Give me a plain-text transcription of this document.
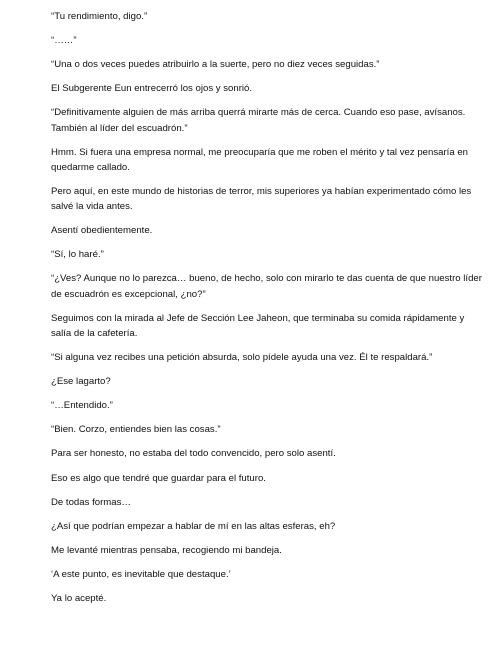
“Tu rendimiento, digo.”

“……”

“Una o dos veces puedes atribuirlo a la suerte, pero no diez veces seguidas.”

El Subgerente Eun entrecerró los ojos y sonrió.

“Definitivamente alguien de más arriba querrá mirarte más de cerca. Cuando eso pase, avísanos. También al líder del escuadrón.”

Hmm. Si fuera una empresa normal, me preocuparía que me roben el mérito y tal vez pensaría en quedarme callado.

Pero aquí, en este mundo de historias de terror, mis superiores ya habían experimentado cómo les salvé la vida antes.

Asentí obedientemente.

“Sí, lo haré.”

“¿Ves? Aunque no lo parezca… bueno, de hecho, solo con mirarlo te das cuenta de que nuestro líder de escuadrón es excepcional, ¿no?”

Seguimos con la mirada al Jefe de Sección Lee Jaheon, que terminaba su comida rápidamente y salía de la cafetería.

“Si alguna vez recibes una petición absurda, solo pídele ayuda una vez. Él te respaldará.”

¿Ese lagarto?

“…Entendido.”

“Bien. Corzo, entiendes bien las cosas.”

Para ser honesto, no estaba del todo convencido, pero solo asentí.

Eso es algo que tendré que guardar para el futuro.

De todas formas…

¿Así que podrían empezar a hablar de mí en las altas esferas, eh?

Me levanté mientras pensaba, recogiendo mi bandeja.

‘A este punto, es inevitable que destaque.’

Ya lo acepté.
